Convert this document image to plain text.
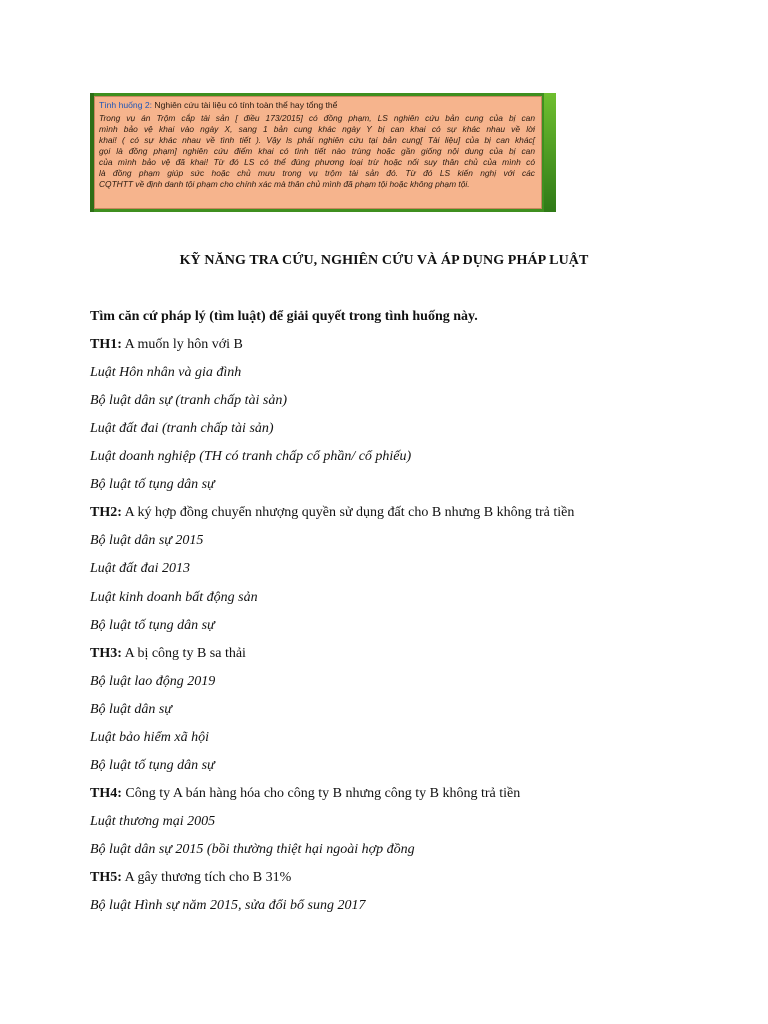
Tình huống 2: Nghiên cứu tài liệu có tính toàn thể hay tổng thể
Trong vụ án Trộm cắp tài sản [ điều 173/2015] có đồng phạm, LS nghiên cứu bản cung của bị can
mình bảo vệ khai vào ngày X, sang 1 bản cung khác ngày Y bị can khai có sự khác nhau về lời
khai! ( có sự khác nhau về tình tiết ). Vậy ls phải nghiên cứu tại bản cung[ Tài liệu] của bị can khác[
gọi là đồng phạm] nghiên cứu điểm khai có tình tiết nào trùng hoặc gần giống nội dung của bị can
của mình bảo vệ đã khai! Từ đó LS có thể đúng phương loại trừ hoặc nối suy thân chủ của mình có
là đồng phạm giúp sức hoặc chủ mưu trong vụ trộm tài sản đó. Từ đó LS kiến nghị với các
CQTHTT về định danh tội phạm cho chính xác mà thân chủ mình đã phạm tội hoặc không phạm tội.
KỸ NĂNG TRA CỨU, NGHIÊN CỨU VÀ ÁP DỤNG PHÁP LUẬT
Tìm căn cứ pháp lý (tìm luật) để giải quyết trong tình huống này.
TH1: A muốn ly hôn với B
Luật Hôn nhân và gia đình
Bộ luật dân sự (tranh chấp tài sản)
Luật đất đai (tranh chấp tài sản)
Luật doanh nghiệp (TH có tranh chấp cổ phần/ cổ phiếu)
Bộ luật tố tụng dân sự
TH2: A ký hợp đồng chuyển nhượng quyền sử dụng đất cho B nhưng B không trả tiền
Bộ luật dân sự 2015
Luật đất đai 2013
Luật kinh doanh bất động sản
Bộ luật tố tụng dân sự
TH3: A bị công ty B sa thải
Bộ luật lao động 2019
Bộ luật dân sự
Luật bảo hiểm xã hội
Bộ luật tố tụng dân sự
TH4: Công ty A bán hàng hóa cho công ty B nhưng công ty B không trả tiền
Luật thương mại 2005
Bộ luật dân sự 2015 (bồi thường thiệt hại ngoài hợp đồng
TH5: A gây thương tích cho B 31%
Bộ luật Hình sự năm 2015, sửa đổi bổ sung 2017
